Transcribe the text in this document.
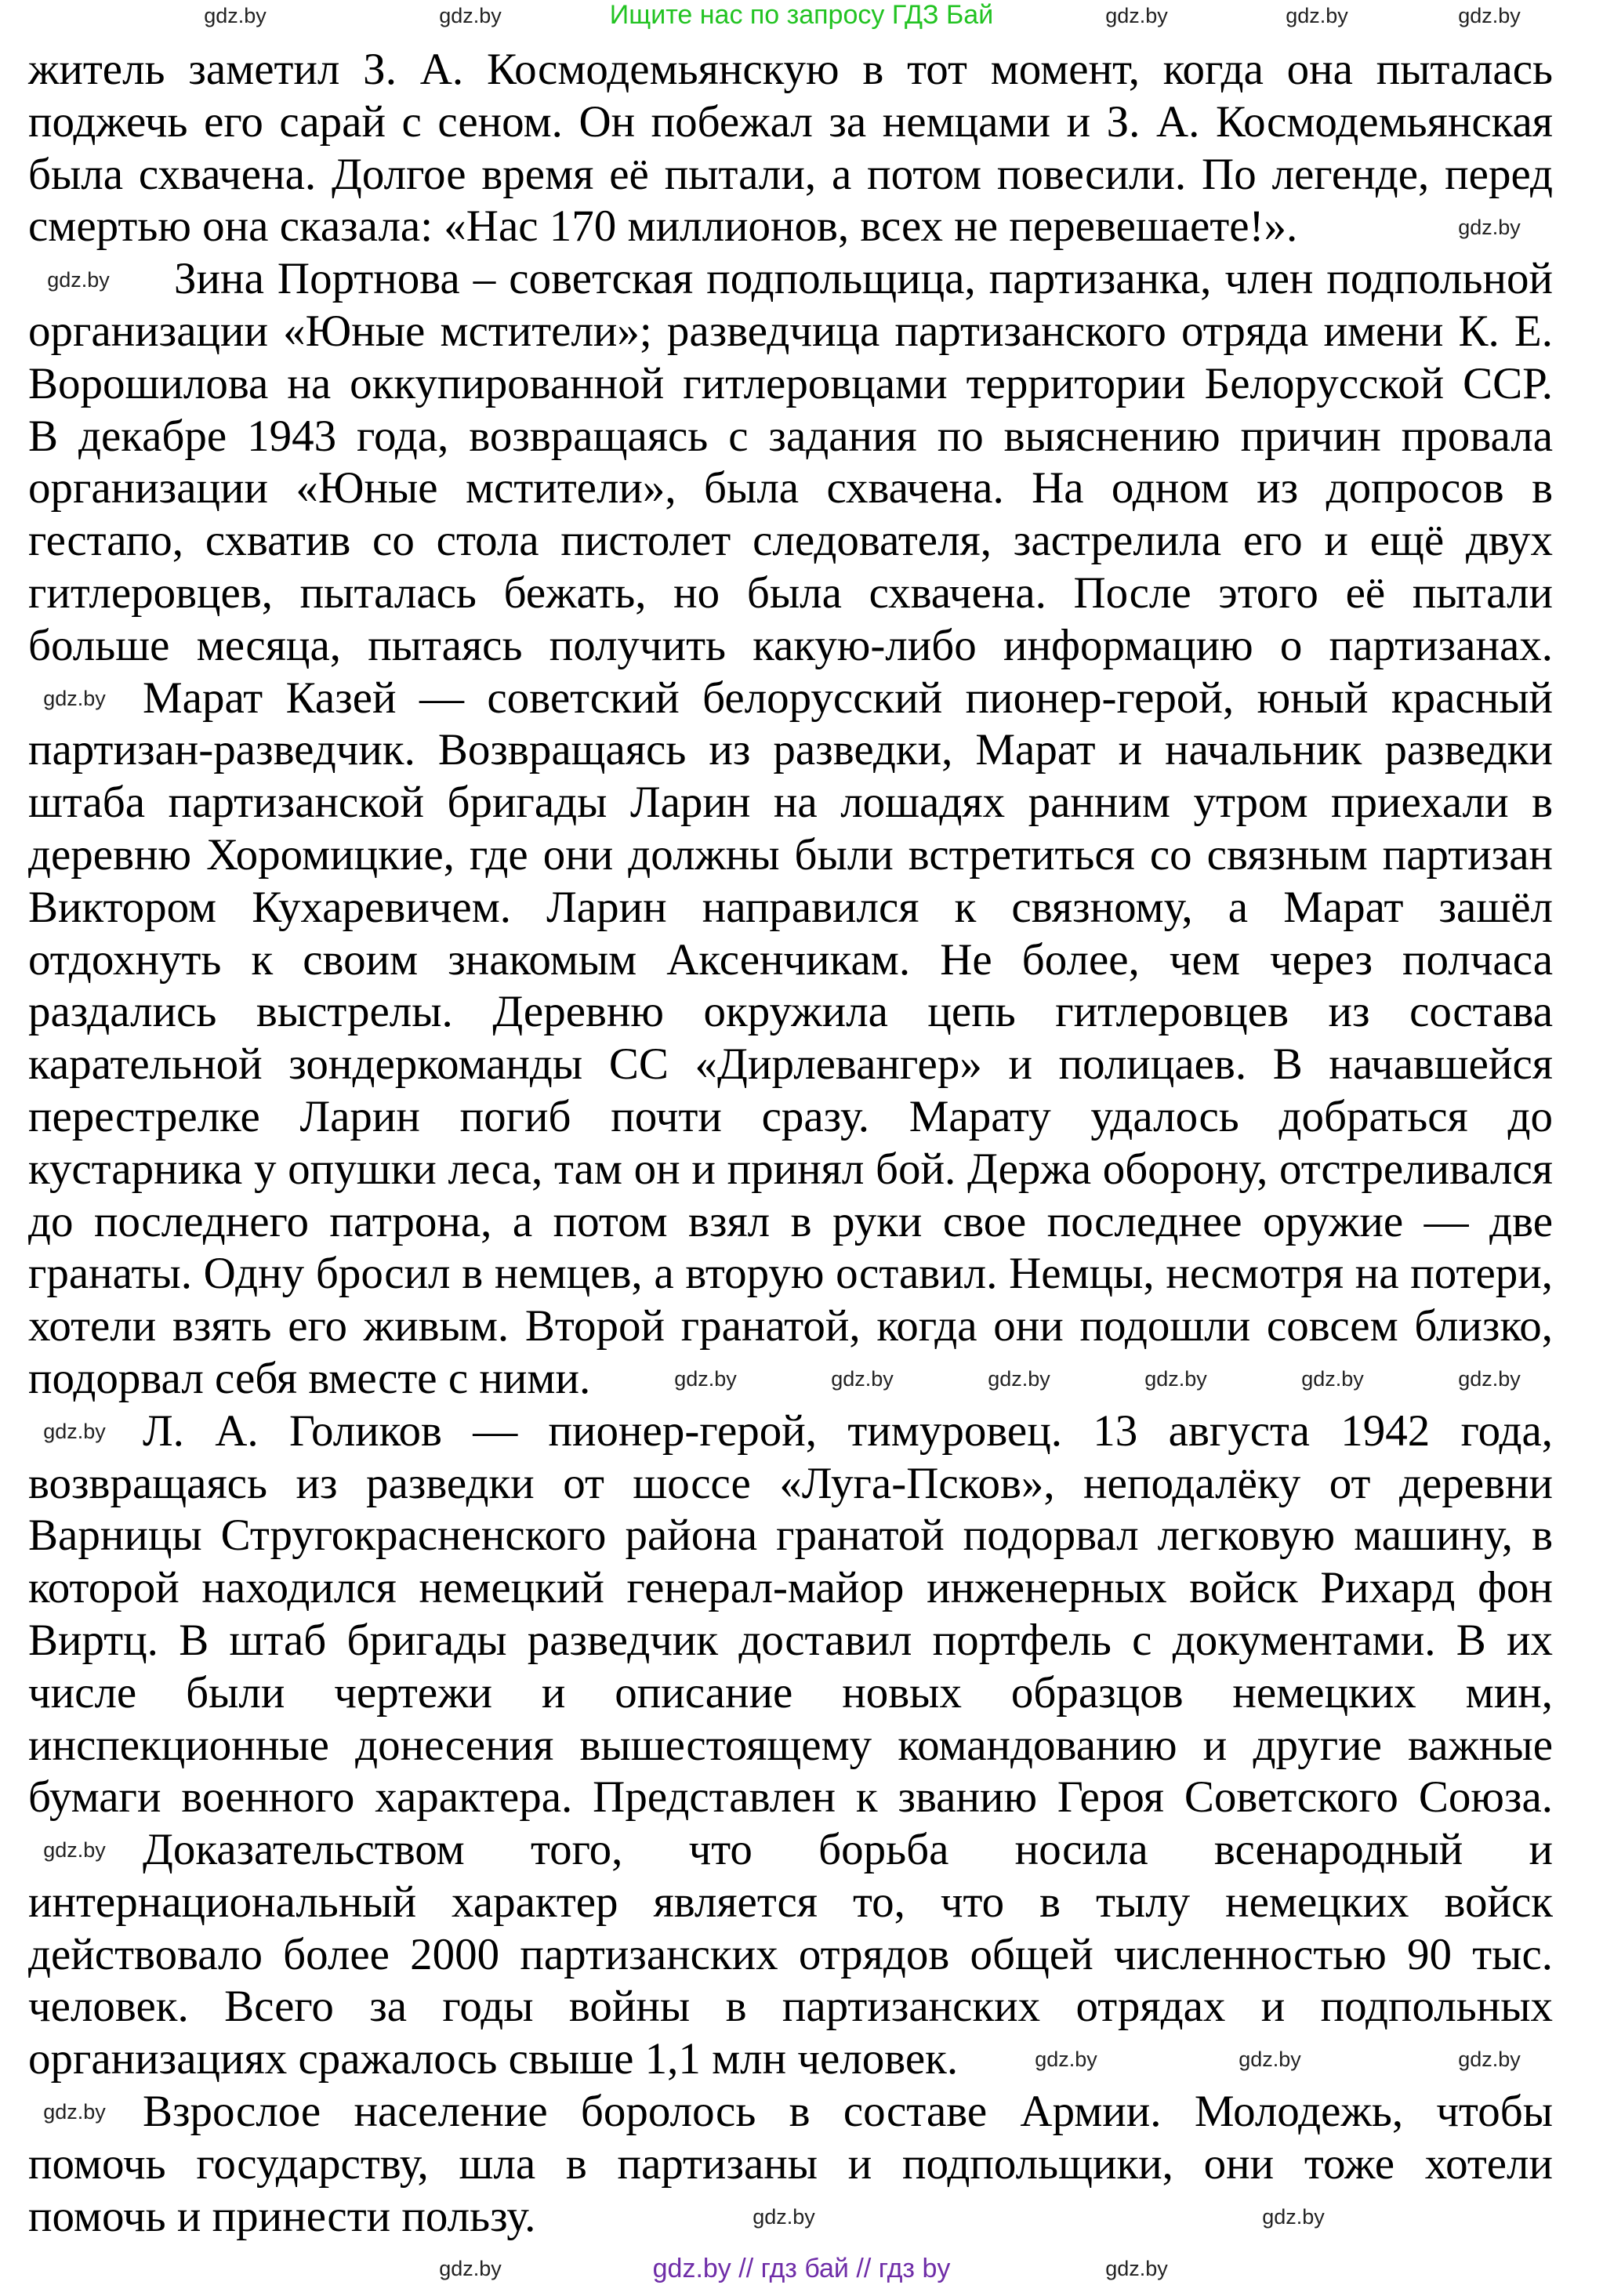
Ищите нас по запросу ГДЗ Бай
житель заметил З. А. Космодемьянскую в тот момент, когда она пыталась
поджечь его сарай с сеном. Он побежал за немцами и З. А. Космодемьянская
была схвачена. Долгое время её пытали, а потом повесили. По легенде, перед
смертью она сказала: «Нас 170 миллионов, всех не перевешаете!».
Зина Портнова – советская подпольщица, партизанка, член подпольной
организации «Юные мстители»; разведчица партизанского отряда имени К. Е.
Ворошилова на оккупированной гитлеровцами территории Белорусской ССР.
В декабре 1943 года, возвращаясь с задания по выяснению причин провала
организации «Юные мстители», была схвачена. На одном из допросов в
гестапо, схватив со стола пистолет следователя, застрелила его и ещё двух
гитлеровцев, пыталась бежать, но была схвачена. После этого её пытали
больше месяца, пытаясь получить какую-либо информацию о партизанах.
Марат Казей — советский белорусский пионер-герой, юный красный
партизан-разведчик. Возвращаясь из разведки, Марат и начальник разведки
штаба партизанской бригады Ларин на лошадях ранним утром приехали в
деревню Хоромицкие, где они должны были встретиться со связным партизан
Виктором Кухаревичем. Ларин направился к связному, а Марат зашёл
отдохнуть к своим знакомым Аксенчикам. Не более, чем через полчаса
раздались выстрелы. Деревню окружила цепь гитлеровцев из состава
карательной зондеркоманды СС «Дирлевангер» и полицаев. В начавшейся
перестрелке Ларин погиб почти сразу. Марату удалось добраться до
кустарника у опушки леса, там он и принял бой. Держа оборону, отстреливался
до последнего патрона, а потом взял в руки свое последнее оружие — две
гранаты. Одну бросил в немцев, а вторую оставил. Немцы, несмотря на потери,
хотели взять его живым. Второй гранатой, когда они подошли совсем близко,
подорвал себя вместе с ними.
Л. А. Голиков — пионер-герой, тимуровец. 13 августа 1942 года,
возвращаясь из разведки от шоссе «Луга-Псков», неподалёку от деревни
Варницы Стругокрасненского района гранатой подорвал легковую машину, в
которой находился немецкий генерал-майор инженерных войск Рихард фон
Виртц. В штаб бригады разведчик доставил портфель с документами. В их
числе были чертежи и описание новых образцов немецких мин,
инспекционные донесения вышестоящему командованию и другие важные
бумаги военного характера. Представлен к званию Героя Советского Союза.
Доказательством того, что борьба носила всенародный и
интернациональный характер является то, что в тылу немецких войск
действовало более 2000 партизанских отрядов общей численностью 90 тыс.
человек. Всего за годы войны в партизанских отрядах и подпольных
организациях сражалось свыше 1,1 млн человек.
Взрослое население боролось в составе Армии. Молодежь, чтобы
помочь государству, шла в партизаны и подпольщики, они тоже хотели
помочь и принести пользу.
gdz.by
gdz.by
gdz.by
gdz.by
gdz.by
gdz.by
gdz.by
gdz.by
gdz.by
gdz.by
gdz.by
gdz.by
gdz.by
gdz.by
gdz.by
gdz.by
gdz.by
gdz.by
gdz.by
gdz.by
gdz.by
gdz.by
gdz.by
gdz.by
gdz.by // гдз бай // гдз by
